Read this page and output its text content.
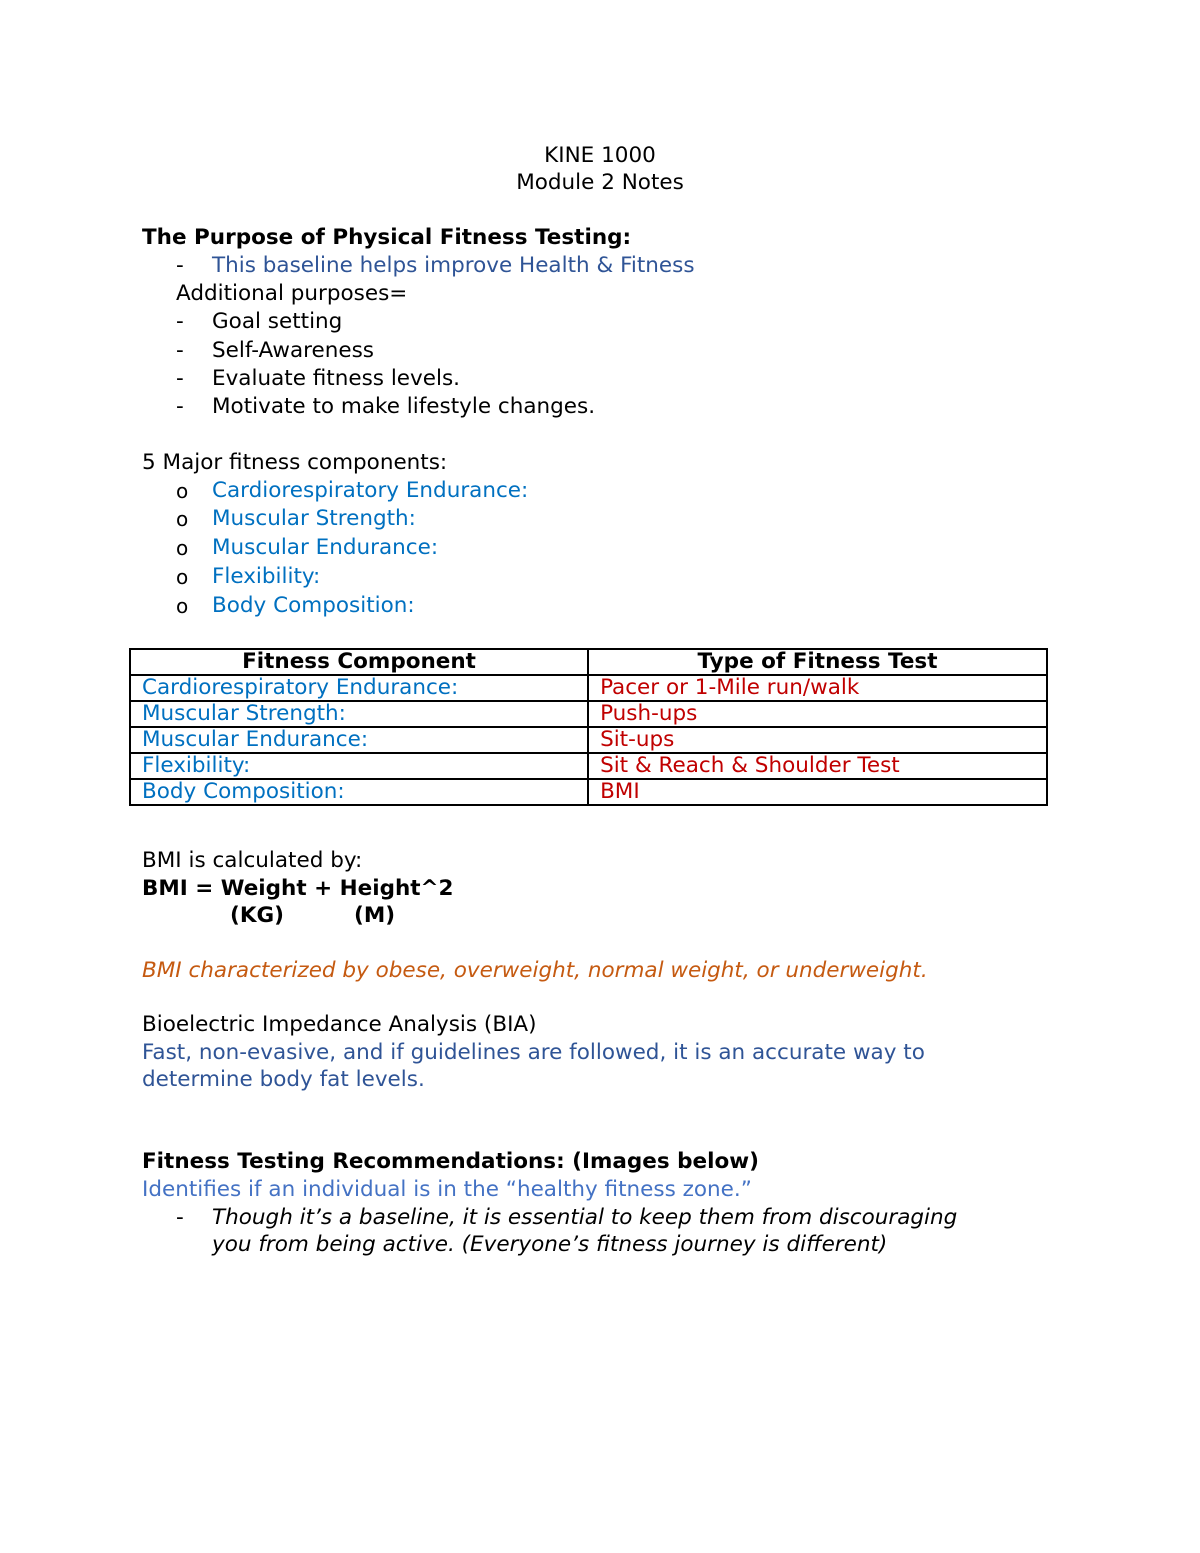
KINE 1000
Module 2 Notes
The Purpose of Physical Fitness Testing:
-	This baseline helps improve Health & Fitness
Additional purposes=
-	Goal setting
-	Self-Awareness
-	Evaluate fitness levels.
-	Motivate to make lifestyle changes.
5 Major fitness components:
o	Cardiorespiratory Endurance:
o	Muscular Strength:
o	Muscular Endurance:
o	Flexibility:
o	Body Composition:
Fitness Component	Type of Fitness Test
Cardiorespiratory Endurance:	Pacer or 1-Mile run/walk
Muscular Strength:	Push-ups
Muscular Endurance:	Sit-ups
Flexibility:	Sit & Reach & Shoulder Test
Body Composition:	BMI
BMI is calculated by:
BMI = Weight + Height^2
(KG)	(M)
BMI characterized by obese, overweight, normal weight, or underweight.
Bioelectric Impedance Analysis (BIA)
Fast, non-evasive, and if guidelines are followed, it is an accurate way to
determine body fat levels.
Fitness Testing Recommendations: (Images below)
Identifies if an individual is in the “healthy fitness zone.”
-	Though it’s a baseline, it is essential to keep them from discouraging
you from being active. (Everyone’s fitness journey is different)
